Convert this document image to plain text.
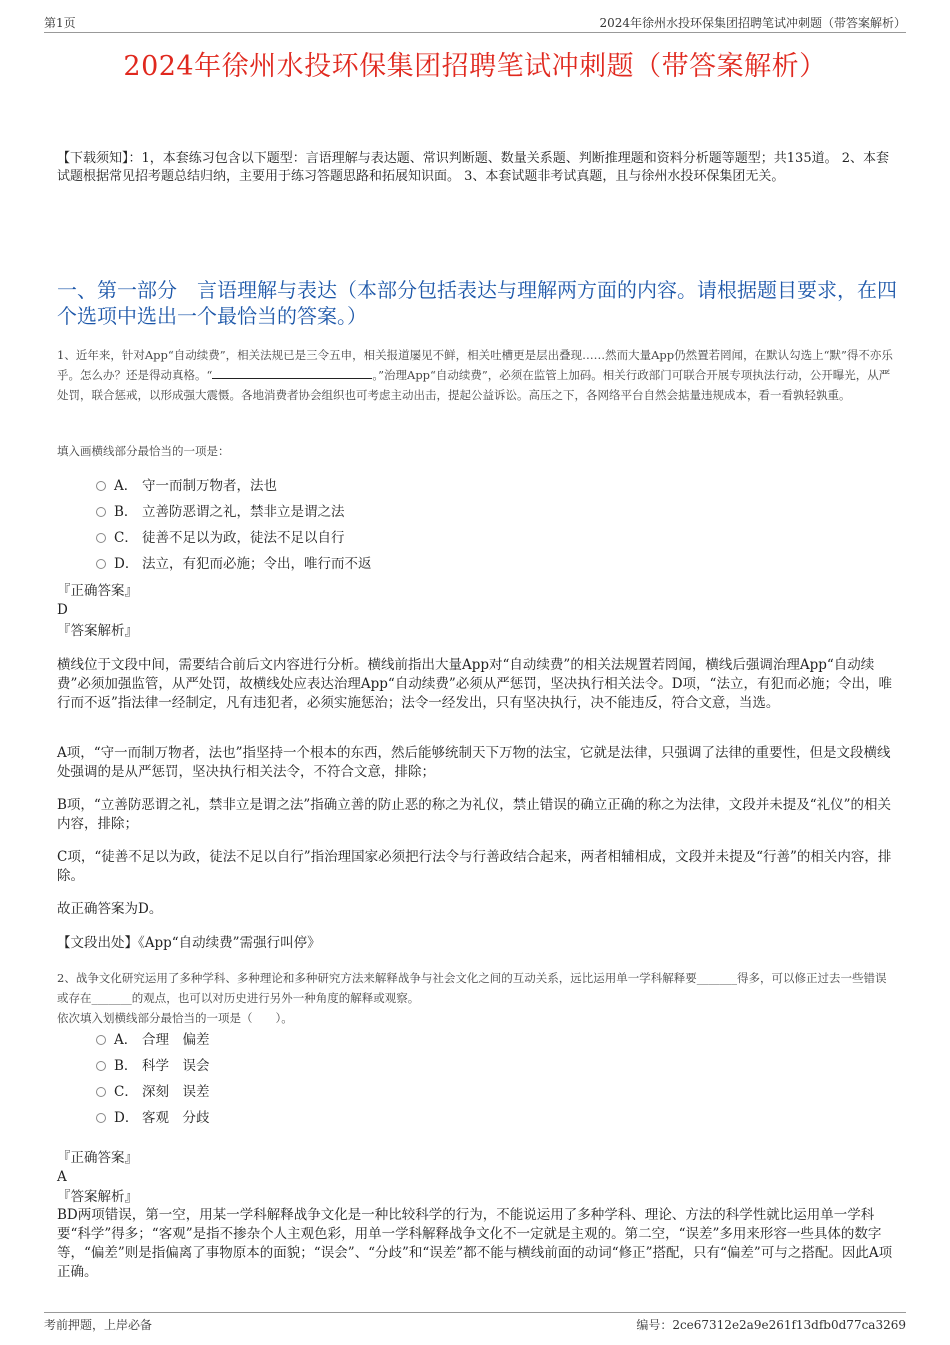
第1页	2024年徐州水投环保集团招聘笔试冲刺题（带答案解析）
2024年徐州水投环保集团招聘笔试冲刺题（带答案解析）
【下载须知】：1，本套练习包含以下题型：言语理解与表达题、常识判断题、数量关系题、判断推理题和资料分析题等题型；共135道。 2、本套试题根据常见招考题总结归纳，主要用于练习答题思路和拓展知识面。 3、本套试题非考试真题，且与徐州水投环保集团无关。
一、第一部分　言语理解与表达（本部分包括表达与理解两方面的内容。请根据题目要求，在四个选项中选出一个最恰当的答案。）
1、近年来，针对App“自动续费”，相关法规已是三令五申，相关报道屡见不鲜，相关吐槽更是层出叠现……然而大量App仍然置若罔闻，在默认勾选上“默”得不亦乐乎。怎么办？还是得动真格。“	。”治理App“自动续费”，必须在监管上加码。相关行政部门可联合开展专项执法行动，公开曝光，从严处罚，联合惩戒，以形成强大震慑。各地消费者协会组织也可考虑主动出击，提起公益诉讼。高压之下，各网络平台自然会掂量违规成本，看一看孰轻孰重。
填入画横线部分最恰当的一项是：
A． 守一而制万物者，法也
B． 立善防恶谓之礼，禁非立是谓之法
C． 徒善不足以为政，徒法不足以自行
D． 法立，有犯而必施；令出，唯行而不返
『正确答案』
D
『答案解析』
横线位于文段中间，需要结合前后文内容进行分析。横线前指出大量App对“自动续费”的相关法规置若罔闻，横线后强调治理App“自动续费”必须加强监管，从严处罚，故横线处应表达治理App“自动续费”必须从严惩罚，坚决执行相关法令。D项，“法立，有犯而必施；令出，唯行而不返”指法律一经制定，凡有违犯者，必须实施惩治；法令一经发出，只有坚决执行，决不能违反，符合文意，当选。
A项，“守一而制万物者，法也”指坚持一个根本的东西，然后能够统制天下万物的法宝，它就是法律，只强调了法律的重要性，但是文段横线处强调的是从严惩罚，坚决执行相关法令，不符合文意，排除；
B项，“立善防恶谓之礼，禁非立是谓之法”指确立善的防止恶的称之为礼仪，禁止错误的确立正确的称之为法律，文段并未提及“礼仪”的相关内容，排除；
C项，“徒善不足以为政，徒法不足以自行”指治理国家必须把行法令与行善政结合起来，两者相辅相成，文段并未提及“行善”的相关内容，排除。
故正确答案为D。
【文段出处】《App“自动续费”需强行叫停》
2、战争文化研究运用了多种学科、多种理论和多种研究方法来解释战争与社会文化之间的互动关系，远比运用单一学科解释要_______得多，可以修正过去一些错误或存在_______的观点，也可以对历史进行另外一种角度的解释或观察。
依次填入划横线部分最恰当的一项是（　　）。
A． 合理　偏差
B． 科学　误会
C． 深刻　误差
D． 客观　分歧
『正确答案』
A
『答案解析』
BD两项错误，第一空，用某一学科解释战争文化是一种比较科学的行为，不能说运用了多种学科、理论、方法的科学性就比运用单一学科要“科学”得多；“客观”是指不掺杂个人主观色彩，用单一学科解释战争文化不一定就是主观的。第二空，“误差”多用来形容一些具体的数字等，“偏差”则是指偏离了事物原本的面貌；“误会”、“分歧”和“误差”都不能与横线前面的动词“修正”搭配，只有“偏差”可与之搭配。因此A项正确。
考前押题，上岸必备	编号：2ce67312e2a9e261f13dfb0d77ca3269
